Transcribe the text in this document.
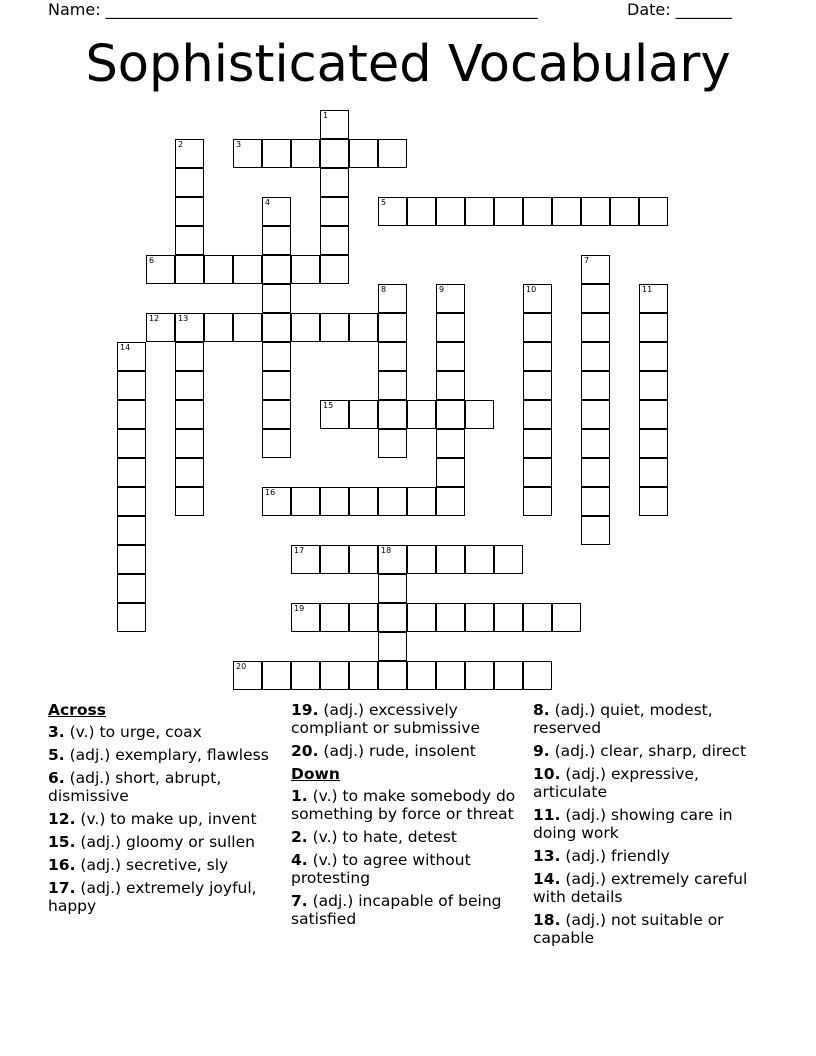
Name: ______________________________________________________	Date: _______
Sophisticated Vocabulary
1
2	3
4	5
6	7
8	9	10	11
12 13
14
15
16
17	18
19
20
Across
3. (v.) to urge, coax
5. (adj.) exemplary, flawless
6. (adj.) short, abrupt, dismissive
12. (v.) to make up, invent
15. (adj.) gloomy or sullen
16. (adj.) secretive, sly
17. (adj.) extremely joyful, happy
19. (adj.) excessively compliant or submissive
20. (adj.) rude, insolent
Down
1. (v.) to make somebody do something by force or threat
2. (v.) to hate, detest
4. (v.) to agree without protesting
7. (adj.) incapable of being satisfied
8. (adj.) quiet, modest, reserved
9. (adj.) clear, sharp, direct
10. (adj.) expressive, articulate
11. (adj.) showing care in doing work
13. (adj.) friendly
14. (adj.) extremely careful with details
18. (adj.) not suitable or capable
